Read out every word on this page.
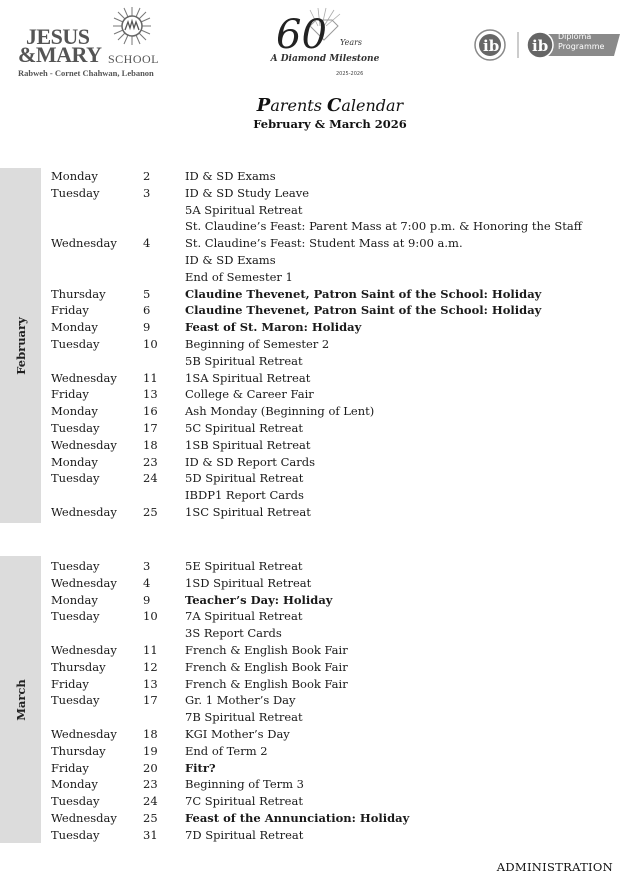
JESUS
&MARY SCHOOL
Rabweh - Cornet Chahwan, Lebanon
60 Years
A Diamond Milestone
2025-2026
ib ib
Diploma
Programme
Parents Calendar
February & March 2026
February
Monday	2	ID & SD Exams
Tuesday	3	ID & SD Study Leave
5A Spiritual Retreat
St. Claudine’s Feast: Parent Mass at 7:00 p.m. & Honoring the Staff
Wednesday	4	St. Claudine’s Feast: Student Mass at 9:00 a.m.
ID & SD Exams
End of Semester 1
Thursday	5	Claudine Thevenet, Patron Saint of the School: Holiday
Friday	6	Claudine Thevenet, Patron Saint of the School: Holiday
Monday	9	Feast of St. Maron: Holiday
Tuesday	10	Beginning of Semester 2
5B Spiritual Retreat
Wednesday	11	1SA Spiritual Retreat
Friday	13	College & Career Fair
Monday	16	Ash Monday (Beginning of Lent)
Tuesday	17	5C Spiritual Retreat
Wednesday	18	1SB Spiritual Retreat
Monday	23	ID & SD Report Cards
Tuesday	24	5D Spiritual Retreat
IBDP1 Report Cards
Wednesday	25	1SC Spiritual Retreat
March
Tuesday	3	5E Spiritual Retreat
Wednesday	4	1SD Spiritual Retreat
Monday	9	Teacher’s Day: Holiday
Tuesday	10	7A Spiritual Retreat
3S Report Cards
Wednesday	11	French & English Book Fair
Thursday	12	French & English Book Fair
Friday	13	French & English Book Fair
Tuesday	17	Gr. 1 Mother’s Day
7B Spiritual Retreat
Wednesday	18	KGI Mother’s Day
Thursday	19	End of Term 2
Friday	20	Fitr?
Monday	23	Beginning of Term 3
Tuesday	24	7C Spiritual Retreat
Wednesday	25	Feast of the Annunciation: Holiday
Tuesday	31	7D Spiritual Retreat
ADMINISTRATION
